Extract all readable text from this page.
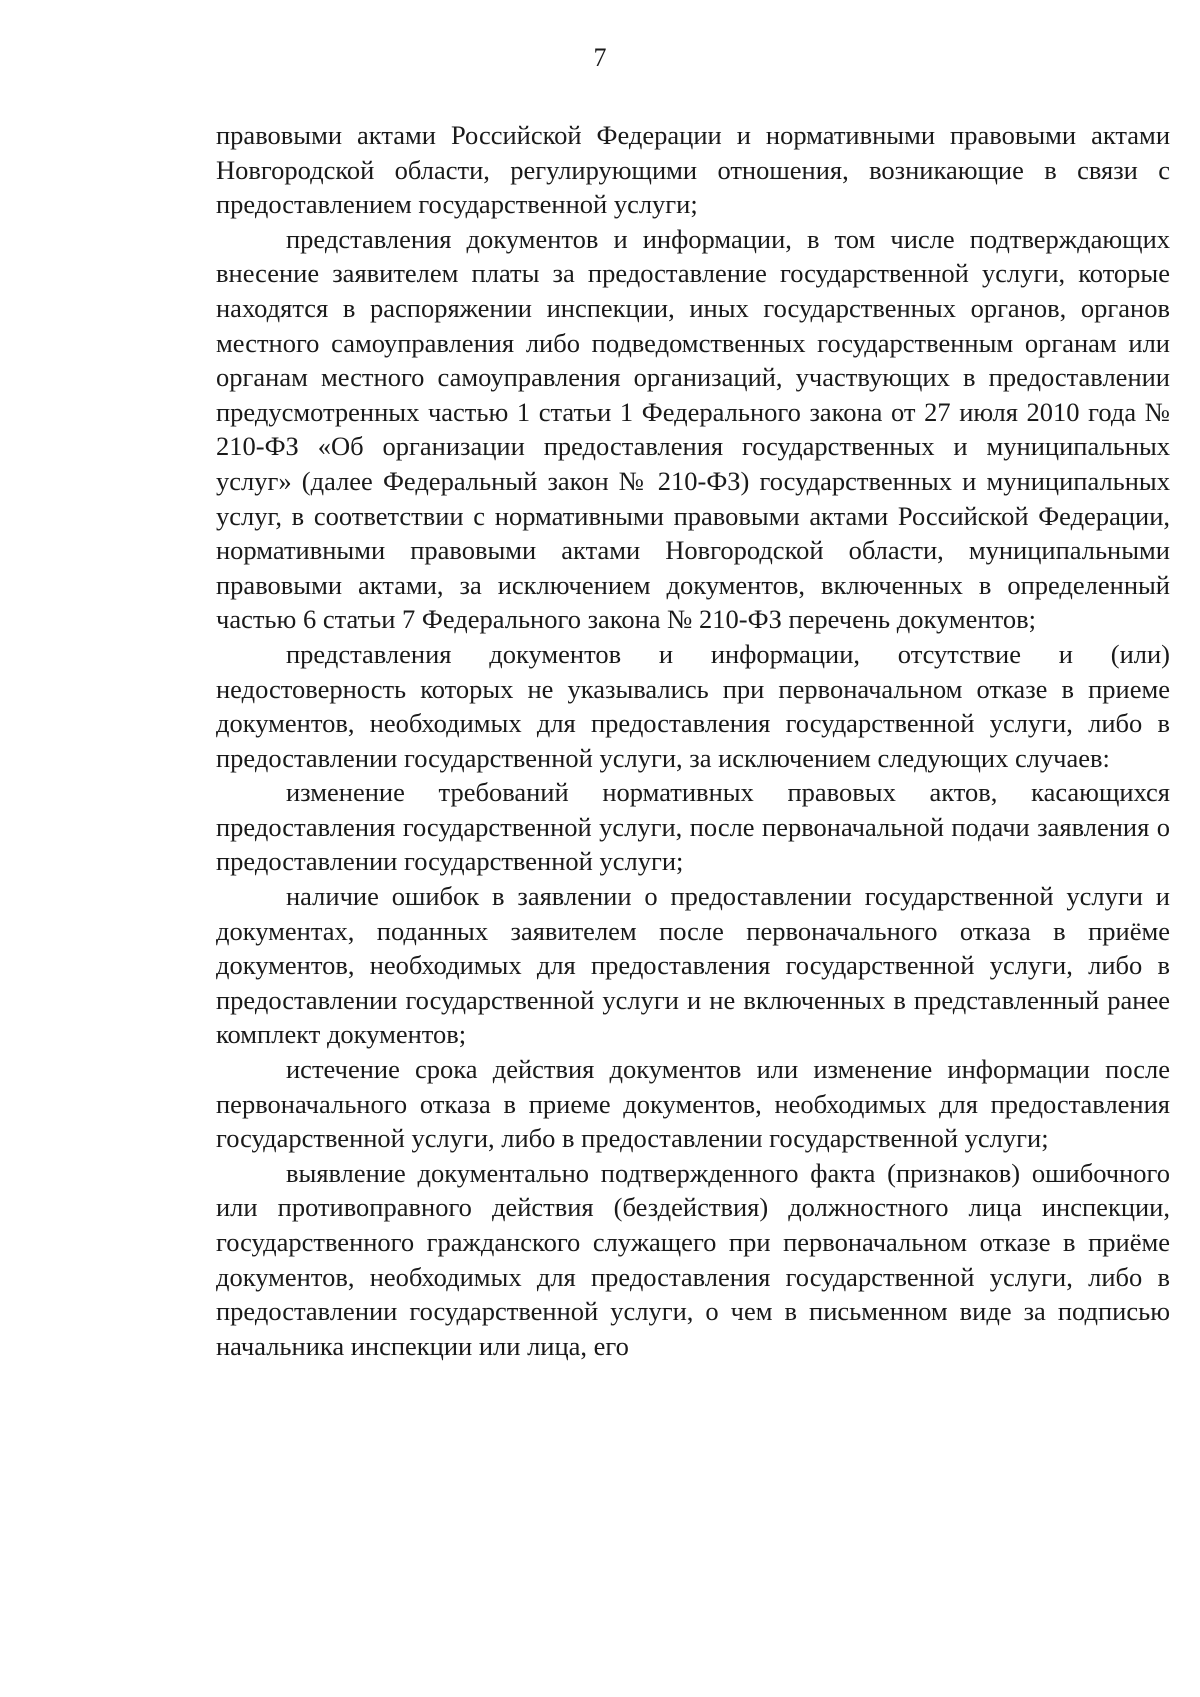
7

правовыми актами Российской Федерации и нормативными правовыми актами Новгородской области, регулирующими отношения, возникающие в связи с предоставлением государственной услуги;

представления документов и информации, в том числе подтверждающих внесение заявителем платы за предоставление государственной услуги, которые находятся в распоряжении инспекции, иных государственных органов, органов местного самоуправления либо подведомственных государственным органам или органам местного самоуправления организаций, участвующих в предоставлении предусмотренных частью 1 статьи 1 Федерального закона от 27 июля 2010 года № 210-ФЗ «Об организации предоставления государственных и муниципальных услуг» (далее Федеральный закон № 210-ФЗ) государственных и муниципальных услуг, в соответствии с нормативными правовыми актами Российской Федерации, нормативными правовыми актами Новгородской области, муниципальными правовыми актами, за исключением документов, включенных в определенный частью 6 статьи 7 Федерального закона № 210-ФЗ перечень документов;

представления документов и информации, отсутствие и (или) недостоверность которых не указывались при первоначальном отказе в приеме документов, необходимых для предоставления государственной услуги, либо в предоставлении государственной услуги, за исключением следующих случаев:

изменение требований нормативных правовых актов, касающихся предоставления государственной услуги, после первоначальной подачи заявления о предоставлении государственной услуги;

наличие ошибок в заявлении о предоставлении государственной услуги и документах, поданных заявителем после первоначального отказа в приёме документов, необходимых для предоставления государственной услуги, либо в предоставлении государственной услуги и не включенных в представленный ранее комплект документов;

истечение срока действия документов или изменение информации после первоначального отказа в приеме документов, необходимых для предоставления государственной услуги, либо в предоставлении государственной услуги;

выявление документально подтвержденного факта (признаков) ошибочного или противоправного действия (бездействия) должностного лица инспекции, государственного гражданского служащего при первоначальном отказе в приёме документов, необходимых для предоставления государственной услуги, либо в предоставлении государственной услуги, о чем в письменном виде за подписью начальника инспекции или лица, его
